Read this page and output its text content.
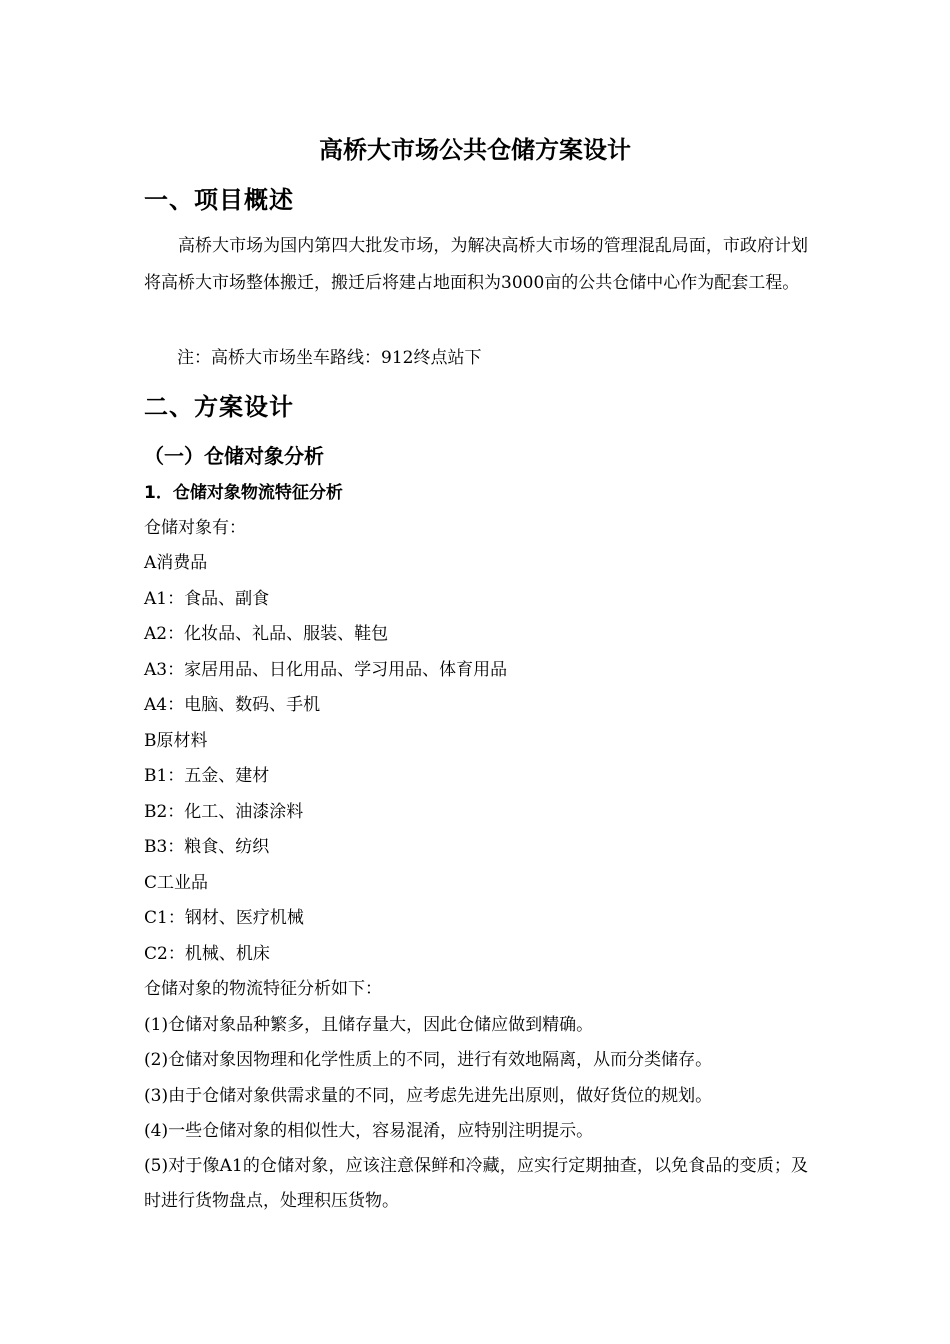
高桥大市场公共仓储方案设计
一、项目概述

高桥大市场为国内第四大批发市场，为解决高桥大市场的管理混乱局面，市政府计划将高桥大市场整体搬迁，搬迁后将建占地面积为3000亩的公共仓储中心作为配套工程。

注：高桥大市场坐车路线：912终点站下
二、方案设计
（一）仓储对象分析
1．仓储对象物流特征分析
仓储对象有：
A消费品
A1：食品、副食
A2：化妆品、礼品、服装、鞋包
A3：家居用品、日化用品、学习用品、体育用品
A4：电脑、数码、手机
B原材料
B1：五金、建材
B2：化工、油漆涂料
B3：粮食、纺织
C工业品
C1：钢材、医疗机械
C2：机械、机床
仓储对象的物流特征分析如下：
(1)仓储对象品种繁多，且储存量大，因此仓储应做到精确。
(2)仓储对象因物理和化学性质上的不同，进行有效地隔离，从而分类储存。
(3)由于仓储对象供需求量的不同，应考虑先进先出原则，做好货位的规划。
(4)一些仓储对象的相似性大，容易混淆，应特别注明提示。

(5)对于像A1的仓储对象，应该注意保鲜和冷藏，应实行定期抽查，以免食品的变质；及时进行货物盘点，处理积压货物。
